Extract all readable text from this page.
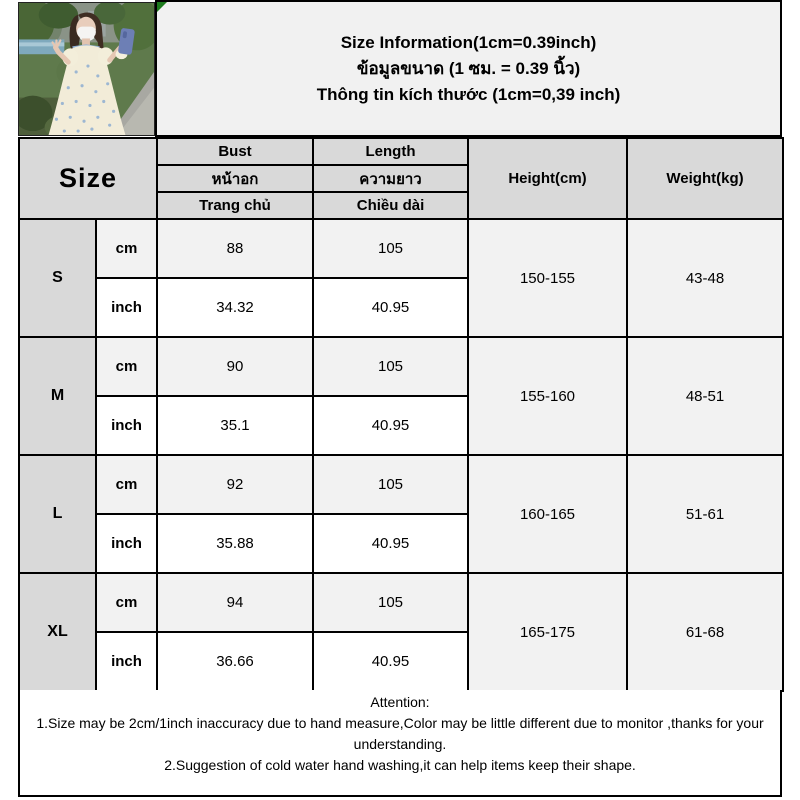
Size Information(1cm=0.39inch)
ข้อมูลขนาด (1 ซม. = 0.39 นิ้ว)
Thông tin kích thước (1cm=0,39 inch)
Size		Bust	Length	Height(cm)	Weight(kg)
		หน้าอก	ความยาว		
		Trang chủ	Chiều dài		
S	cm	88	105	150-155	43-48
	inch	34.32	40.95		
M	cm	90	105	155-160	48-51
	inch	35.1	40.95		
L	cm	92	105	160-165	51-61
	inch	35.88	40.95		
XL	cm	94	105	165-175	61-68
	inch	36.66	40.95		
Attention:
1.Size may be 2cm/1inch inaccuracy due to hand measure,Color may be little different due to monitor ,thanks for your understanding.
2.Suggestion of cold water hand washing,it can help items keep their shape.
